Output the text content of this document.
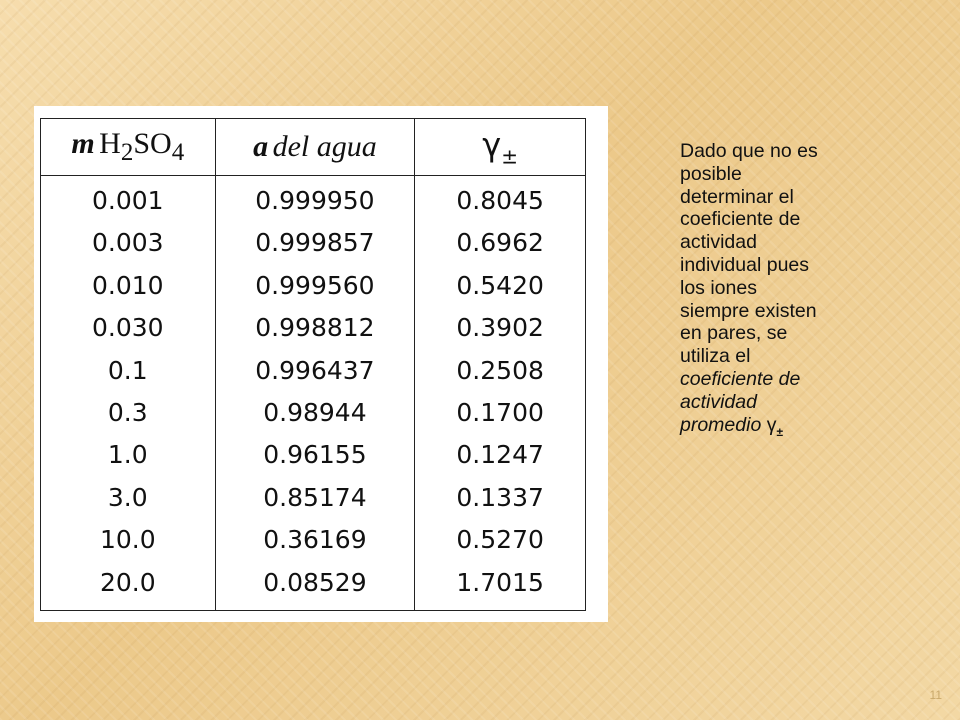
m $H_2SO_4$	a del agua	$\gamma_\pm$
0.001	0.999950	0.8045
0.003	0.999857	0.6962
0.010	0.999560	0.5420
0.030	0.998812	0.3902
0.1	0.996437	0.2508
0.3	0.98944	0.1700
1.0	0.96155	0.1247
3.0	0.85174	0.1337
10.0	0.36169	0.5270
20.0	0.08529	1.7015
Dado que no es
posible
determinar el
coeficiente de
actividad
individual pues
los iones
siempre existen
en pares, se
utiliza el
coeficiente de
actividad
promedio $\gamma_\pm$
11
